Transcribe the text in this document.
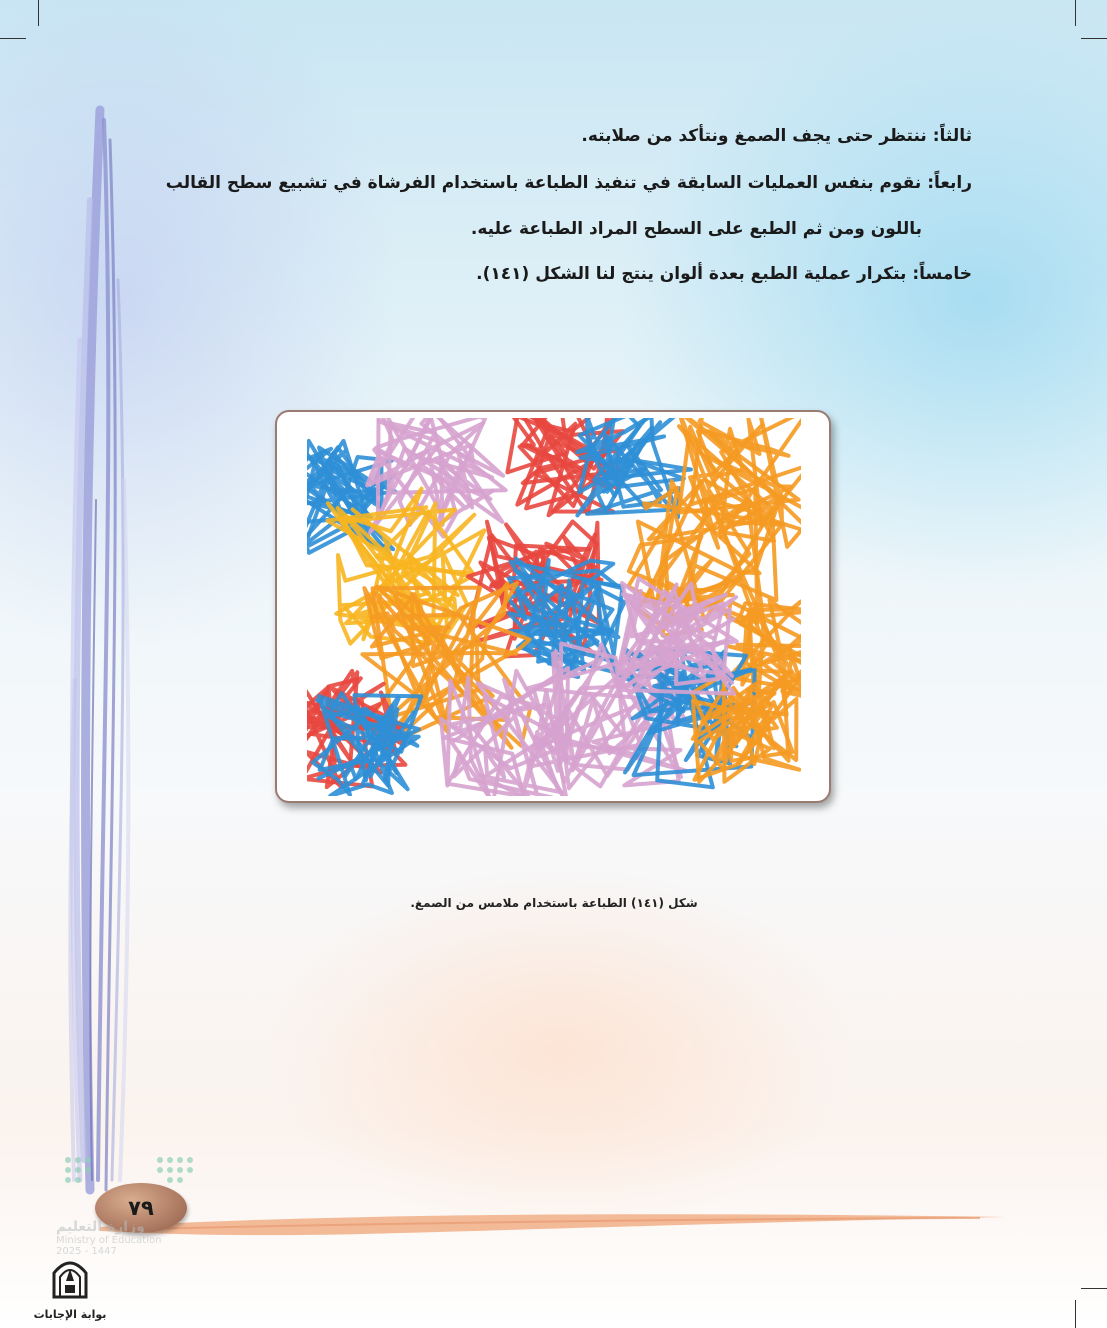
ثالثاً: ننتظر حتى يجف الصمغ ونتأكد من صلابته.

رابعاً: نقوم بنفس العمليات السابقة في تنفيذ الطباعة باستخدام الفرشاة في تشبيع سطح القالب

باللون ومن ثم الطبع على السطح المراد الطباعة عليه.

خامساً: بتكرار عملية الطبع بعدة ألوان ينتج لنا الشكل (١٤١).

شكل (١٤١) الطباعة باستخدام ملامس من الصمغ.

٧٩
وزارة التعليم
Ministry of Education
2025 - 1447
بوابة الإجابات
